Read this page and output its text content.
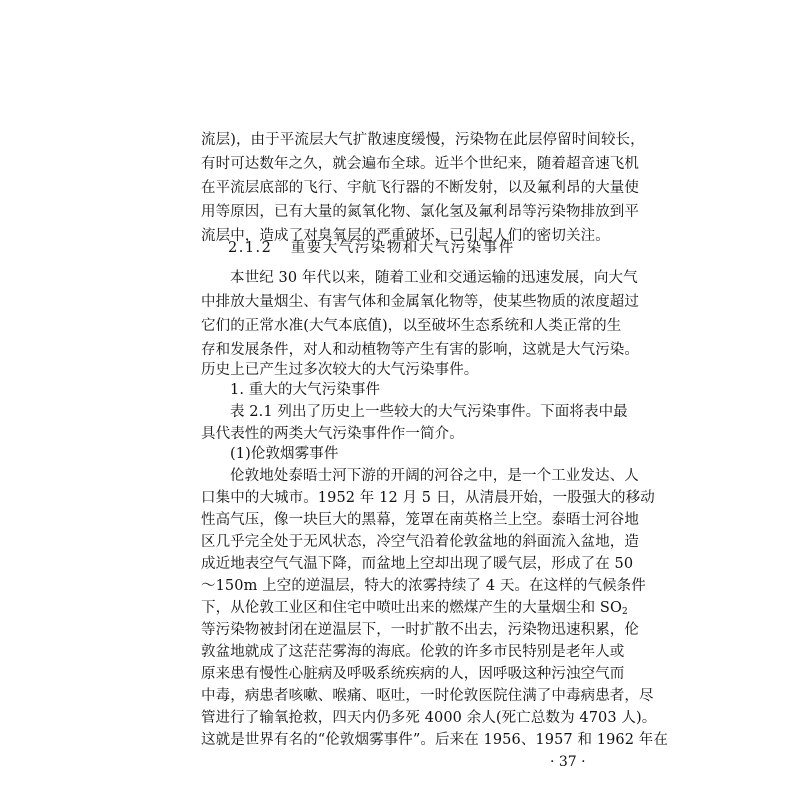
流层)，由于平流层大气扩散速度缓慢，污染物在此层停留时间较长，
有时可达数年之久，就会遍布全球。近半个世纪来，随着超音速飞机
在平流层底部的飞行、宇航飞行器的不断发射，以及氟利昂的大量使
用等原因，已有大量的氮氧化物、氯化氢及氟利昂等污染物排放到平
流层中，造成了对臭氧层的严重破坏，已引起人们的密切关注。
2.1.2   重要大气污染物和大气污染事件
本世纪 30 年代以来，随着工业和交通运输的迅速发展，向大气
中排放大量烟尘、有害气体和金属氧化物等，使某些物质的浓度超过
它们的正常水准(大气本底值)，以至破坏生态系统和人类正常的生
存和发展条件，对人和动植物等产生有害的影响，这就是大气污染。
历史上已产生过多次较大的大气污染事件。
1. 重大的大气污染事件
表 2.1 列出了历史上一些较大的大气污染事件。下面将表中最
具代表性的两类大气污染事件作一简介。
(1)伦敦烟雾事件
伦敦地处泰晤士河下游的开阔的河谷之中，是一个工业发达、人
口集中的大城市。1952 年 12 月 5 日，从清晨开始，一股强大的移动
性高气压，像一块巨大的黑幕，笼罩在南英格兰上空。泰晤士河谷地
区几乎完全处于无风状态，冷空气沿着伦敦盆地的斜面流入盆地，造
成近地表空气气温下降，而盆地上空却出现了暖气层，形成了在 50
～150m 上空的逆温层，特大的浓雾持续了 4 天。在这样的气候条件
下，从伦敦工业区和住宅中喷吐出来的燃煤产生的大量烟尘和 $SO_2$
等污染物被封闭在逆温层下，一时扩散不出去，污染物迅速积累，伦
敦盆地就成了这茫茫雾海的海底。伦敦的许多市民特别是老年人或
原来患有慢性心脏病及呼吸系统疾病的人，因呼吸这种污浊空气而
中毒，病患者咳嗽、喉痛、呕吐，一时伦敦医院住满了中毒病患者，尽
管进行了输氧抢救，四天内仍多死 4000 余人(死亡总数为 4703 人)。
这就是世界有名的“伦敦烟雾事件”。后来在 1956、1957 和 1962 年在
· 37 ·
